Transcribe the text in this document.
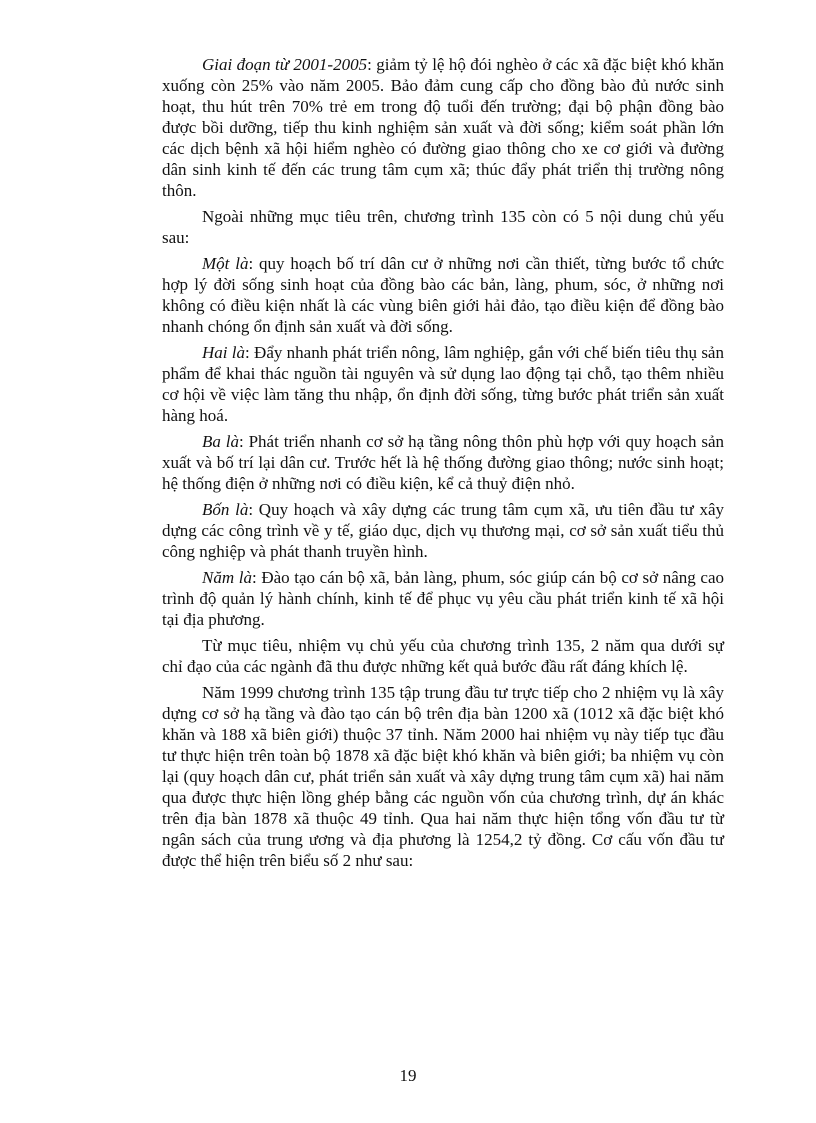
Giai đoạn từ 2001-2005: giảm tỷ lệ hộ đói nghèo ở các xã đặc biệt khó khăn xuống còn 25% vào năm 2005. Bảo đảm cung cấp cho đồng bào đủ nước sinh hoạt, thu hút trên 70% trẻ em trong độ tuổi đến trường; đại bộ phận đồng bào được bồi dưỡng, tiếp thu kinh nghiệm sản xuất và đời sống; kiểm soát phần lớn các dịch bệnh xã hội hiểm nghèo có đường giao thông cho xe cơ giới và đường dân sinh kinh tế đến các trung tâm cụm xã; thúc đẩy phát triển thị trường nông thôn.

Ngoài những mục tiêu trên, chương trình 135 còn có 5 nội dung chủ yếu sau:

Một là: quy hoạch bố trí dân cư ở những nơi cần thiết, từng bước tổ chức hợp lý đời sống sinh hoạt của đồng bào các bản, làng, phum, sóc, ở những nơi không có điều kiện nhất là các vùng biên giới hải đảo, tạo điều kiện để đồng bào nhanh chóng ổn định sản xuất và đời sống.

Hai là: Đẩy nhanh phát triển nông, lâm nghiệp, gắn với chế biến tiêu thụ sản phẩm để khai thác nguồn tài nguyên và sử dụng lao động tại chỗ, tạo thêm nhiều cơ hội về việc làm tăng thu nhập, ổn định đời sống, từng bước phát triển sản xuất hàng hoá.

Ba là: Phát triển nhanh cơ sở hạ tầng nông thôn phù hợp với quy hoạch sản xuất và bố trí lại dân cư. Trước hết là hệ thống đường giao thông; nước sinh hoạt; hệ thống điện ở những nơi có điều kiện, kể cả thuỷ điện nhỏ.

Bốn là: Quy hoạch và xây dựng các trung tâm cụm xã, ưu tiên đầu tư xây dựng các công trình về y tế, giáo dục, dịch vụ thương mại, cơ sở sản xuất tiểu thủ công nghiệp và phát thanh truyền hình.

Năm là: Đào tạo cán bộ xã, bản làng, phum, sóc giúp cán bộ cơ sở nâng cao trình độ quản lý hành chính, kinh tế để phục vụ yêu cầu phát triển kinh tế xã hội tại địa phương.

Từ mục tiêu, nhiệm vụ chủ yếu của chương trình 135, 2 năm qua dưới sự chỉ đạo của các ngành đã thu được những kết quả bước đầu rất đáng khích lệ.

Năm 1999 chương trình 135 tập trung đầu tư trực tiếp cho 2 nhiệm vụ là xây dựng cơ sở hạ tầng và đào tạo cán bộ trên địa bàn 1200 xã (1012 xã đặc biệt khó khăn và 188 xã biên giới) thuộc 37 tỉnh. Năm 2000 hai nhiệm vụ này tiếp tục đầu tư thực hiện trên toàn bộ 1878 xã đặc biệt khó khăn và biên giới; ba nhiệm vụ còn lại (quy hoạch dân cư, phát triển sản xuất và xây dựng trung tâm cụm xã) hai năm qua được thực hiện lồng ghép bằng các nguồn vốn của chương trình, dự án khác trên địa bàn 1878 xã thuộc 49 tỉnh. Qua hai năm thực hiện tổng vốn đầu tư từ ngân sách của trung ương và địa phương là 1254,2 tỷ đồng. Cơ cấu vốn đầu tư được thể hiện trên biểu số 2 như sau:

19
